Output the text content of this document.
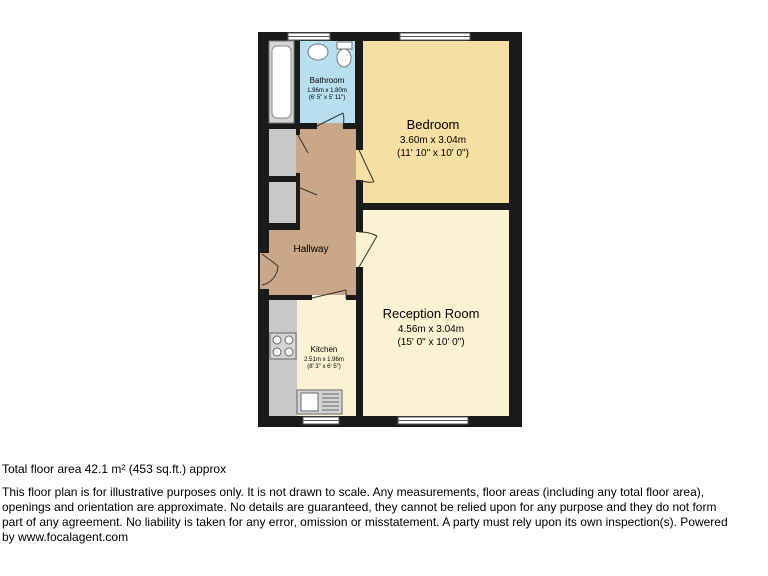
Bedroom
3.60m x 3.04m
(11' 10" x 10' 0")
Reception Room
4.56m x 3.04m
(15' 0" x 10' 0")
Bathroom
1.96m x 1.80m
(6' 5" x 5' 11")
Hallway
Kitchen
2.51m x 1.96m
(8' 3" x 6' 5")
Total floor area 42.1 m² (453 sq.ft.) approx

This floor plan is for illustrative purposes only. It is not drawn to scale. Any measurements, floor areas (including any total floor area),

openings and orientation are approximate. No details are guaranteed, they cannot be relied upon for any purpose and they do not form

part of any agreement. No liability is taken for any error, omission or misstatement. A party must rely upon its own inspection(s). Powered

by www.focalagent.com
